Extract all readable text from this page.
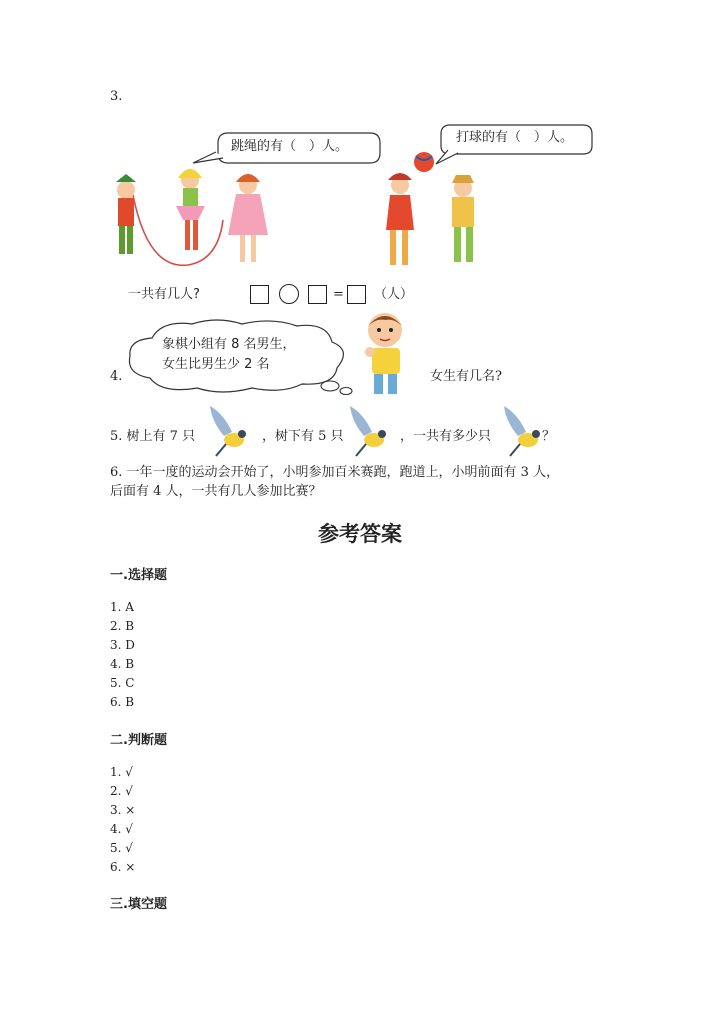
3.
跳绳的有（　）人。
打球的有（　）人。
一共有几人?	= （人）
4.
象棋小组有 8 名男生，
女生比男生少 2 名
女生有几名?
5. 树上有 7 只	，树下有 5 只	，一共有多少只	？
6. 一年一度的运动会开始了，小明参加百米赛跑，跑道上，小明前面有 3 人，
后面有 4 人，一共有几人参加比赛？
参考答案
一.选择题
1. A
2. B
3. D
4. B
5. C
6. B
二.判断题
1. √
2. √
3. ×
4. √
5. √
6. ×
三.填空题
